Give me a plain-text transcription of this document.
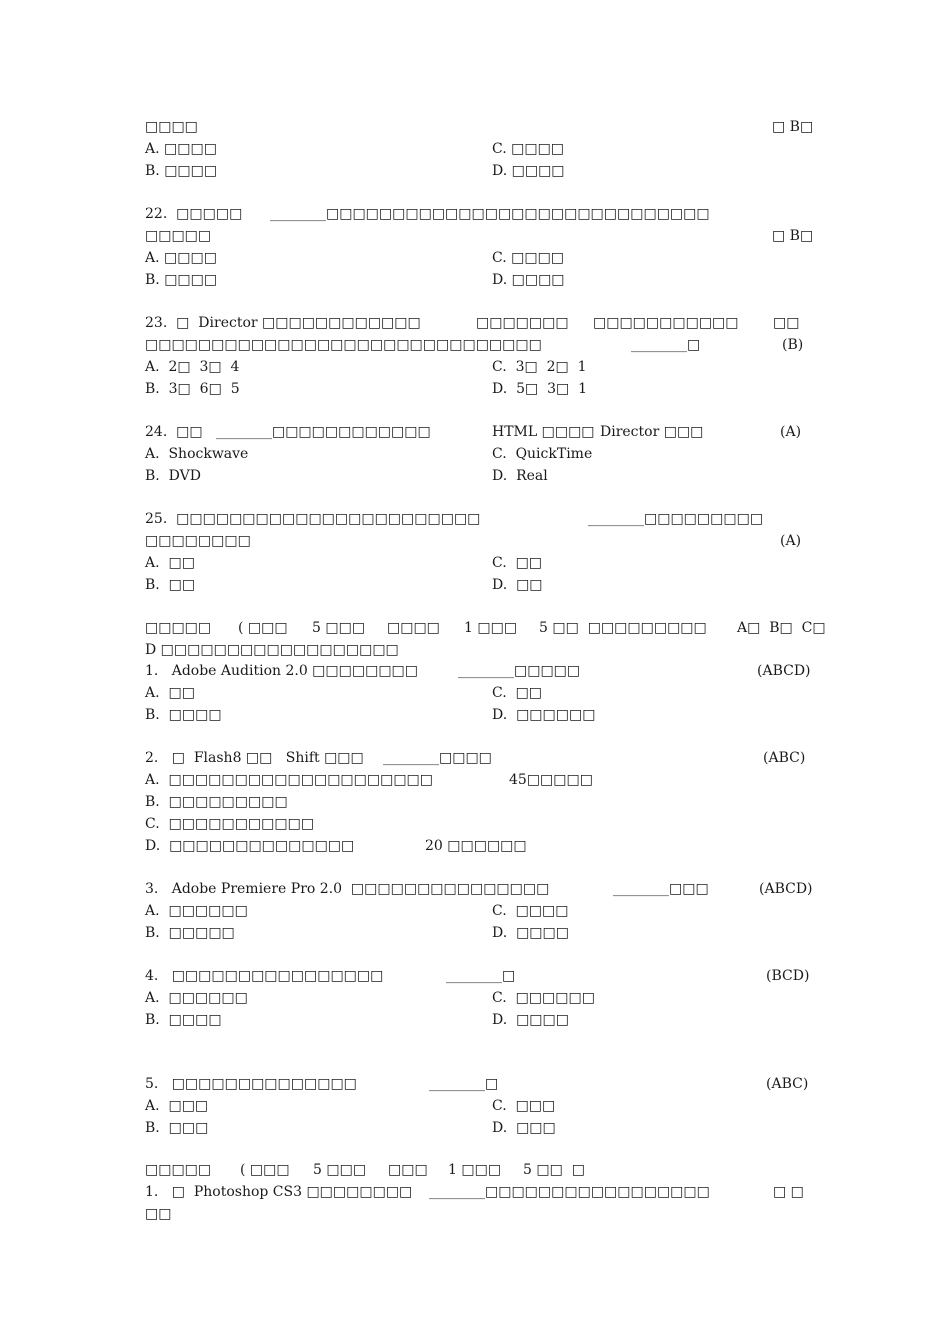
□□□□	□ B□
A. □□□□	C. □□□□
B. □□□□	D. □□□□
22.  □□□□□ ________□□□□□□□□□□□□□□□□□□□□□□□□□□□□□
□□□□□	□ B□
A. □□□□	C. □□□□
B. □□□□	D. □□□□
23.  □  Director □□□□□□□□□□□□	□□□□□□□ □□□□□□□□□□□ □□
□□□□□□□□□□□□□□□□□□□□□□□□□□□□□□	________□	(B)
A.  2□  3□  4	C.  3□  2□  1
B.  3□  6□  5	D.  5□  3□  1
24.  □□   ________□□□□□□□□□□□□	HTML □□□□ Director □□□	(A)
A.  Shockwave	C.  QuickTime
B.  DVD	D.  Real
25.  □□□□□□□□□□□□□□□□□□□□□□□	________□□□□□□□□□
□□□□□□□□	(A)
A.  □□	C.  □□
B.  □□	D.  □□
□□□□□ ( □□□ 5 □□□ □□□□ 1 □□□ 5 □□  □□□□□□□□□ A□  B□  C□
D □□□□□□□□□□□□□□□□□□
1.   Adobe Audition 2.0 □□□□□□□□	________□□□□□	(ABCD)
A.  □□	C.  □□
B.  □□□□	D.  □□□□□□
2.   □  Flash8 □□   Shift □□□ ________□□□□	(ABC)
A.  □□□□□□□□□□□□□□□□□□□□	45□□□□□
B.  □□□□□□□□□
C.  □□□□□□□□□□□
D.  □□□□□□□□□□□□□□	20 □□□□□□
3.   Adobe Premiere Pro 2.0  □□□□□□□□□□□□□□□	________□□□	(ABCD)
A.  □□□□□□	C.  □□□□
B.  □□□□□	D.  □□□□
4.   □□□□□□□□□□□□□□□□	________□	(BCD)
A.  □□□□□□	C.  □□□□□□
B.  □□□□	D.  □□□□
5.   □□□□□□□□□□□□□□	________□	(ABC)
A.  □□□	C.  □□□
B.  □□□	D.  □□□
□□□□□ ( □□□ 5 □□□ □□□ 1 □□□ 5 □□  □
1.   □  Photoshop CS3 □□□□□□□□ ________□□□□□□□□□□□□□□□□□	□ □
□□
